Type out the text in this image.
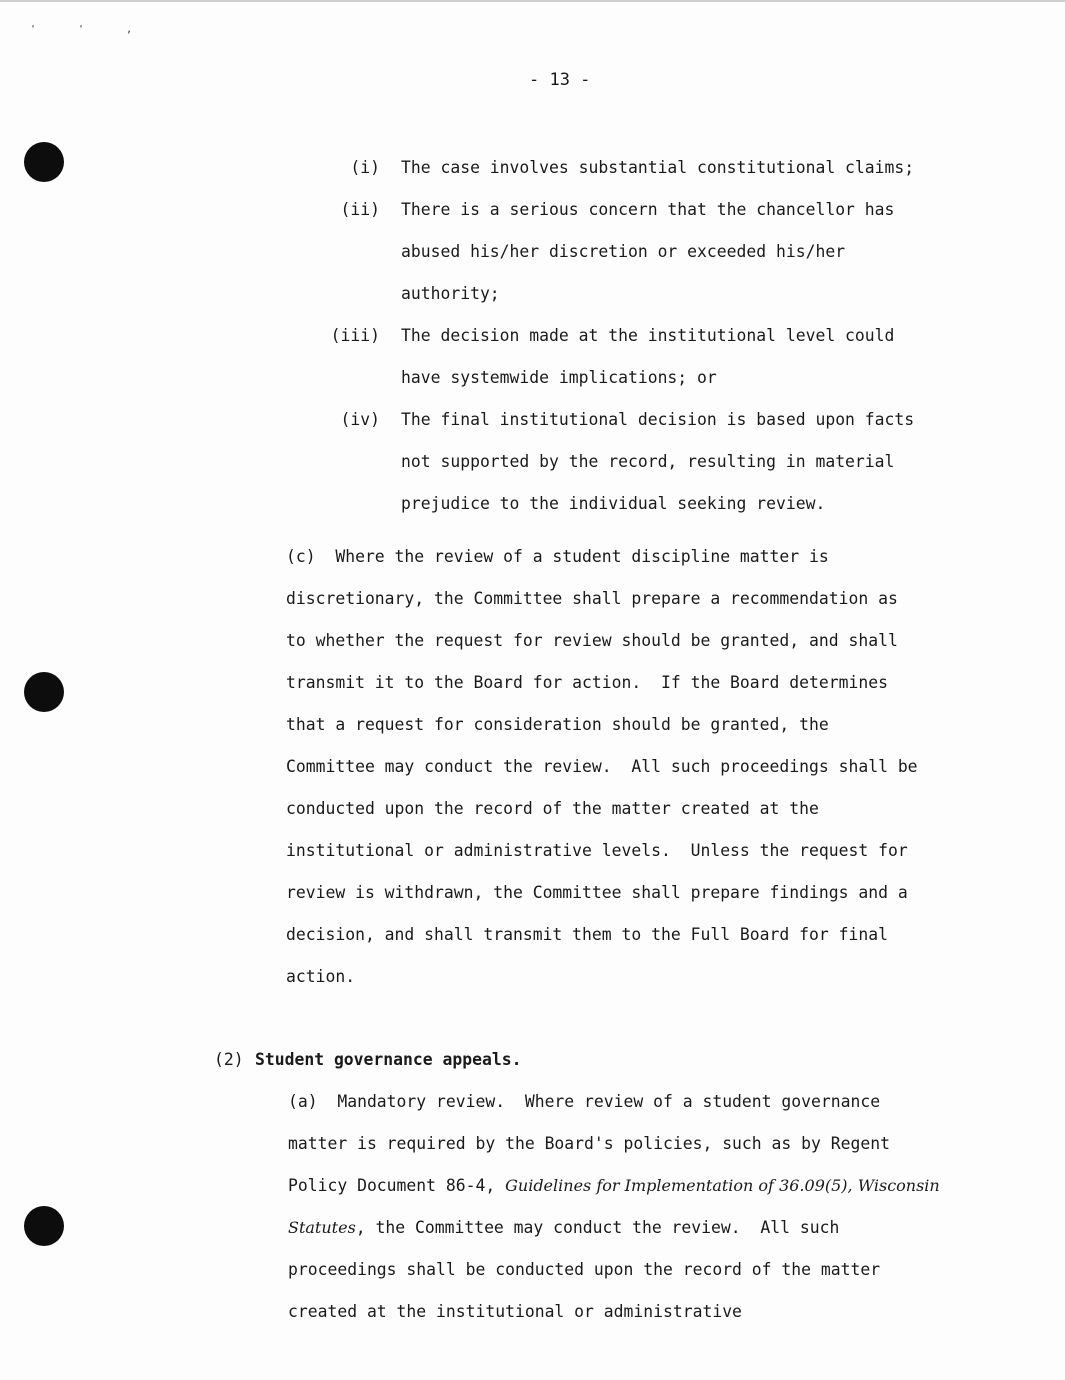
' ' ,
- 13 -
(i) The case involves substantial constitutional claims;
(ii) There is a serious concern that the chancellor has
abused his/her discretion or exceeded his/her
authority;
(iii) The decision made at the institutional level could
have systemwide implications; or
(iv) The final institutional decision is based upon facts
not supported by the record, resulting in material
prejudice to the individual seeking review.
(c)  Where the review of a student discipline matter is
discretionary, the Committee shall prepare a recommendation as
to whether the request for review should be granted, and shall
transmit it to the Board for action.  If the Board determines
that a request for consideration should be granted, the
Committee may conduct the review.  All such proceedings shall be
conducted upon the record of the matter created at the
institutional or administrative levels.  Unless the request for
review is withdrawn, the Committee shall prepare findings and a
decision, and shall transmit them to the Full Board for final
action.
(2) Student governance appeals.
(a)  Mandatory review.  Where review of a student governance
matter is required by the Board's policies, such as by Regent
Policy Document 86-4, Guidelines for Implementation of 36.09(5), Wisconsin
Statutes, the Committee may conduct the review.  All such
proceedings shall be conducted upon the record of the matter
created at the institutional or administrative
